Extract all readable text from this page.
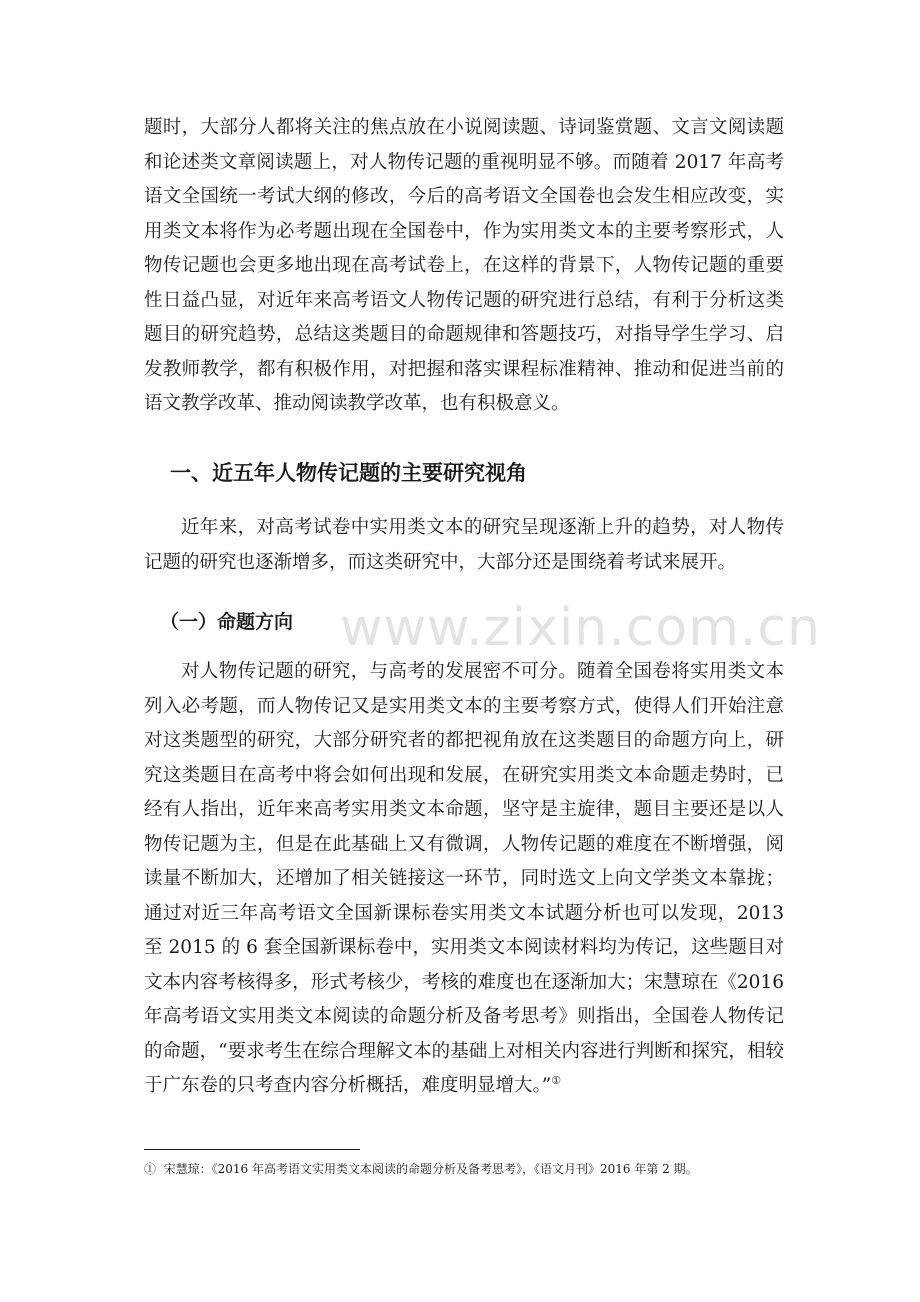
题时，大部分人都将关注的焦点放在小说阅读题、诗词鉴赏题、文言文阅读题和论述类文章阅读题上，对人物传记题的重视明显不够。而随着 2017 年高考语文全国统一考试大纲的修改，今后的高考语文全国卷也会发生相应改变，实用类文本将作为必考题出现在全国卷中，作为实用类文本的主要考察形式，人物传记题也会更多地出现在高考试卷上，在这样的背景下，人物传记题的重要性日益凸显，对近年来高考语文人物传记题的研究进行总结，有利于分析这类题目的研究趋势，总结这类题目的命题规律和答题技巧，对指导学生学习、启发教师教学，都有积极作用，对把握和落实课程标准精神、推动和促进当前的语文教学改革、推动阅读教学改革，也有积极意义。

一、近五年人物传记题的主要研究视角

近年来，对高考试卷中实用类文本的研究呈现逐渐上升的趋势，对人物传记题的研究也逐渐增多，而这类研究中，大部分还是围绕着考试来展开。

（一）命题方向 www.zixin.com.cn

对人物传记题的研究，与高考的发展密不可分。随着全国卷将实用类文本列入必考题，而人物传记又是实用类文本的主要考察方式，使得人们开始注意对这类题型的研究，大部分研究者的都把视角放在这类题目的命题方向上，研究这类题目在高考中将会如何出现和发展，在研究实用类文本命题走势时，已经有人指出，近年来高考实用类文本命题，坚守是主旋律，题目主要还是以人物传记题为主，但是在此基础上又有微调，人物传记题的难度在不断增强，阅读量不断加大，还增加了相关链接这一环节，同时选文上向文学类文本靠拢；通过对近三年高考语文全国新课标卷实用类文本试题分析也可以发现，2013 至 2015 的 6 套全国新课标卷中，实用类文本阅读材料均为传记，这些题目对文本内容考核得多，形式考核少，考核的难度也在逐渐加大；宋慧琼在《2016 年高考语文实用类文本阅读的命题分析及备考思考》则指出，全国卷人物传记的命题，“要求考生在综合理解文本的基础上对相关内容进行判断和探究，相较于广东卷的只考查内容分析概括，难度明显增大。”①

① 宋慧琼：《2016 年高考语文实用类文本阅读的命题分析及备考思考》，《语文月刊》2016 年第 2 期。
